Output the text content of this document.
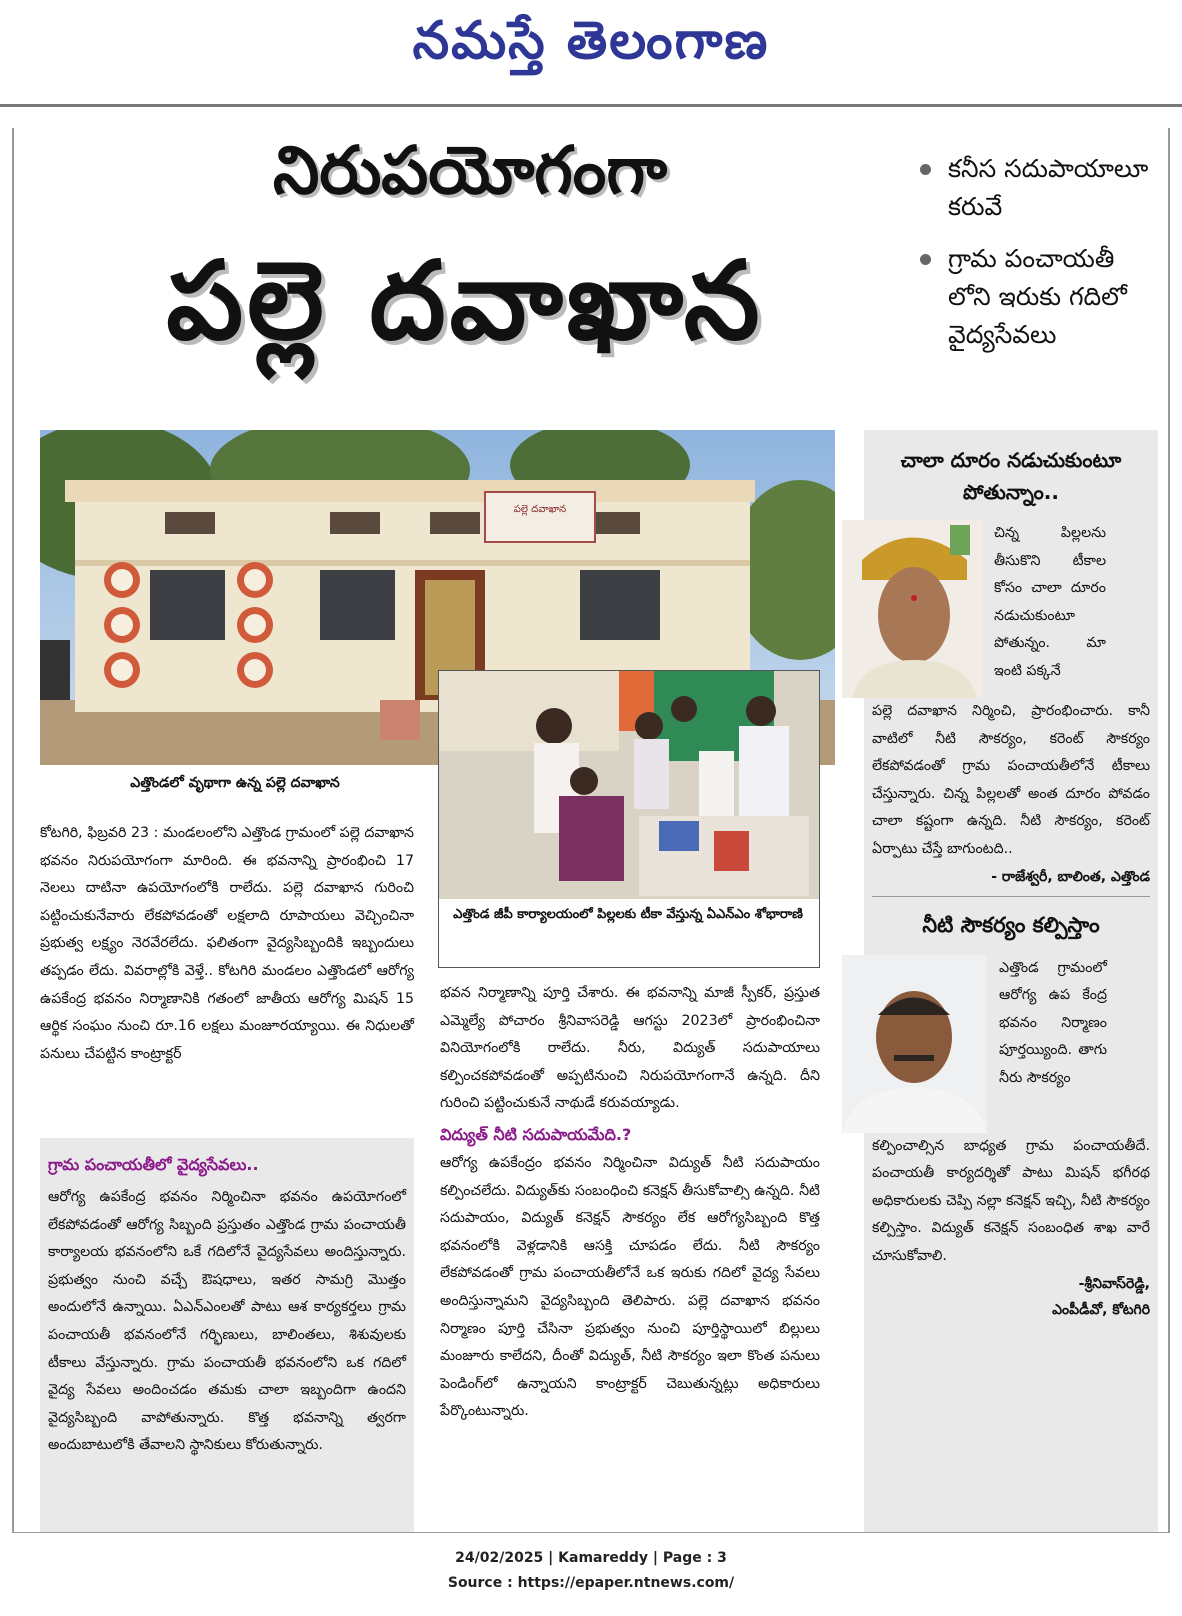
నమస్తే తెలంగాణ
నిరుపయోగంగా
పల్లె దవాఖాన
కనీస సదుపాయాలూ కరువే
గ్రామ పంచాయతీ లోని ఇరుకు గదిలో వైద్యసేవలు
పల్లె దవాఖాన
ఎత్తొండలో వృథాగా ఉన్న పల్లె దవాఖాన
ఎత్తొండ జీపీ కార్యాలయంలో పిల్లలకు టీకా వేస్తున్న ఏఎన్‌ఎం శోభారాణి

కోటగిరి, ఫిబ్రవరి 23 : మండలంలోని ఎత్తొండ గ్రామంలో పల్లె దవాఖాన భవనం నిరుపయోగంగా మారింది. ఈ భవనాన్ని ప్రారంభించి 17 నెలలు దాటినా ఉపయోగంలోకి రాలేదు. పల్లె దవాఖాన గురించి పట్టించుకునేవారు లేకపోవడంతో లక్షలాది రూపాయలు వెచ్చించినా ప్రభుత్వ లక్ష్యం నెరవేరలేదు. ఫలితంగా వైద్యసిబ్బందికి ఇబ్బందులు తప్పడం లేదు. వివరాల్లోకి వెళ్తే.. కోటగిరి మండలం ఎత్తొండలో ఆరోగ్య ఉపకేంద్ర భవనం నిర్మాణానికి గతంలో జాతీయ ఆరోగ్య మిషన్ 15 ఆర్థిక సంఘం నుంచి రూ.16 లక్షలు మంజూరయ్యాయి. ఈ నిధులతో పనులు చేపట్టిన కాంట్రాక్టర్

గ్రామ పంచాయతీలో వైద్యసేవలు..
ఆరోగ్య ఉపకేంద్ర భవనం నిర్మించినా భవనం ఉపయోగంలో లేకపోవడంతో ఆరోగ్య సిబ్బంది ప్రస్తుతం ఎత్తొండ గ్రామ పంచాయతీ కార్యాలయ భవనంలోని ఒకే గదిలోనే వైద్యసేవలు అందిస్తున్నారు. ప్రభుత్వం నుంచి వచ్చే ఔషధాలు, ఇతర సామగ్రి మొత్తం అందులోనే ఉన్నాయి. ఏఎన్‌ఎంలతో పాటు ఆశ కార్యకర్తలు గ్రామ పంచాయతీ భవనంలోనే గర్భిణులు, బాలింతలు, శిశువులకు టీకాలు వేస్తున్నారు. గ్రామ పంచాయతీ భవనంలోని ఒక గదిలో వైద్య సేవలు అందించడం తమకు చాలా ఇబ్బందిగా ఉందని వైద్యసిబ్బంది వాపోతున్నారు. కొత్త భవనాన్ని త్వరగా అందుబాటులోకి తేవాలని స్థానికులు కోరుతున్నారు.

భవన నిర్మాణాన్ని పూర్తి చేశారు. ఈ భవనాన్ని మాజీ స్పీకర్, ప్రస్తుత ఎమ్మెల్యే పోచారం శ్రీనివాసరెడ్డి ఆగస్టు 2023లో ప్రారంభించినా వినియోగంలోకి రాలేదు. నీరు, విద్యుత్ సదుపాయాలు కల్పించకపోవడంతో అప్పటినుంచి నిరుపయోగంగానే ఉన్నది. దీని గురించి పట్టించుకునే నాథుడే కరువయ్యాడు.

విద్యుత్ నీటి సదుపాయమేది.?

ఆరోగ్య ఉపకేంద్రం భవనం నిర్మించినా విద్యుత్ నీటి సదుపాయం కల్పించలేదు. విద్యుత్‌కు సంబంధించి కనెక్షన్ తీసుకోవాల్సి ఉన్నది. నీటి సదుపాయం, విద్యుత్ కనెక్షన్ సౌకర్యం లేక ఆరోగ్యసిబ్బంది కొత్త భవనంలోకి వెళ్లడానికి ఆసక్తి చూపడం లేదు. నీటి సౌకర్యం లేకపోవడంతో గ్రామ పంచాయతీలోనే ఒక ఇరుకు గదిలో వైద్య సేవలు అందిస్తున్నామని వైద్యసిబ్బంది తెలిపారు. పల్లె దవాఖాన భవనం నిర్మాణం పూర్తి చేసినా ప్రభుత్వం నుంచి పూర్తిస్థాయిలో బిల్లులు మంజూరు కాలేదని, దీంతో విద్యుత్, నీటి సౌకర్యం ఇలా కొంత పనులు పెండింగ్‌లో ఉన్నాయని కాంట్రాక్టర్ చెబుతున్నట్లు అధికారులు పేర్కొంటున్నారు.

చాలా దూరం నడుచుకుంటూ పోతున్నాం..
చిన్న పిల్లలను తీసుకొని టీకాల కోసం చాలా దూరం నడుచుకుంటూ పోతున్నం. మా ఇంటి పక్కనే
పల్లె దవాఖాన నిర్మించి, ప్రారంభించారు. కానీ వాటిలో నీటి సౌకర్యం, కరెంట్ సౌకర్యం లేకపోవడంతో గ్రామ పంచాయతీలోనే టీకాలు చేస్తున్నారు. చిన్న పిల్లలతో అంత దూరం పోవడం చాలా కష్టంగా ఉన్నది. నీటి సౌకర్యం, కరెంట్ ఏర్పాటు చేస్తే బాగుంటది..
- రాజేశ్వరీ, బాలింత, ఎత్తొండ
నీటి సౌకర్యం కల్పిస్తాం
ఎత్తొండ గ్రామంలో ఆరోగ్య ఉప కేంద్ర భవనం నిర్మాణం పూర్తయ్యింది. తాగు నీరు సౌకర్యం
కల్పించాల్సిన బాధ్యత గ్రామ పంచాయతీదే. పంచాయతీ కార్యదర్శితో పాటు మిషన్ భగీరథ అధికారులకు చెప్పి నల్లా కనెక్షన్ ఇచ్చి, నీటి సౌకర్యం కల్పిస్తాం. విద్యుత్ కనెక్షన్ సంబంధిత శాఖ వారే చూసుకోవాలి.
-శ్రీనివాస్‌రెడ్డి,
ఎంపీడీవో, కోటగిరి
24/02/2025 | Kamareddy | Page : 3
Source : https://epaper.ntnews.com/
